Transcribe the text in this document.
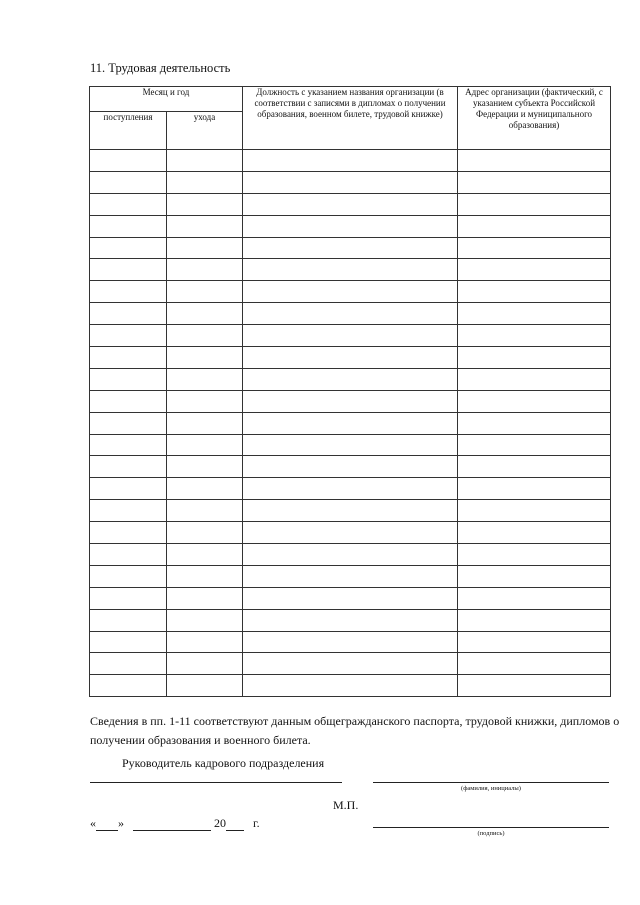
11. Трудовая деятельность
Месяц и год		Должность с указанием названия организации (в соответствии с записями в дипломах о получении образования, военном билете, трудовой книжке)	Адрес организации (фактический, с указанием субъекта Российской Федерации и муниципального образования)
поступления	ухода		

Сведения в пп. 1-11 соответствуют данным общегражданского паспорта, трудовой книжки, дипломов о получении образования и военного билета.
Руководитель кадрового подразделения
(фамилия, инициалы)
М.П.
« »	20 г.
(подпись)
